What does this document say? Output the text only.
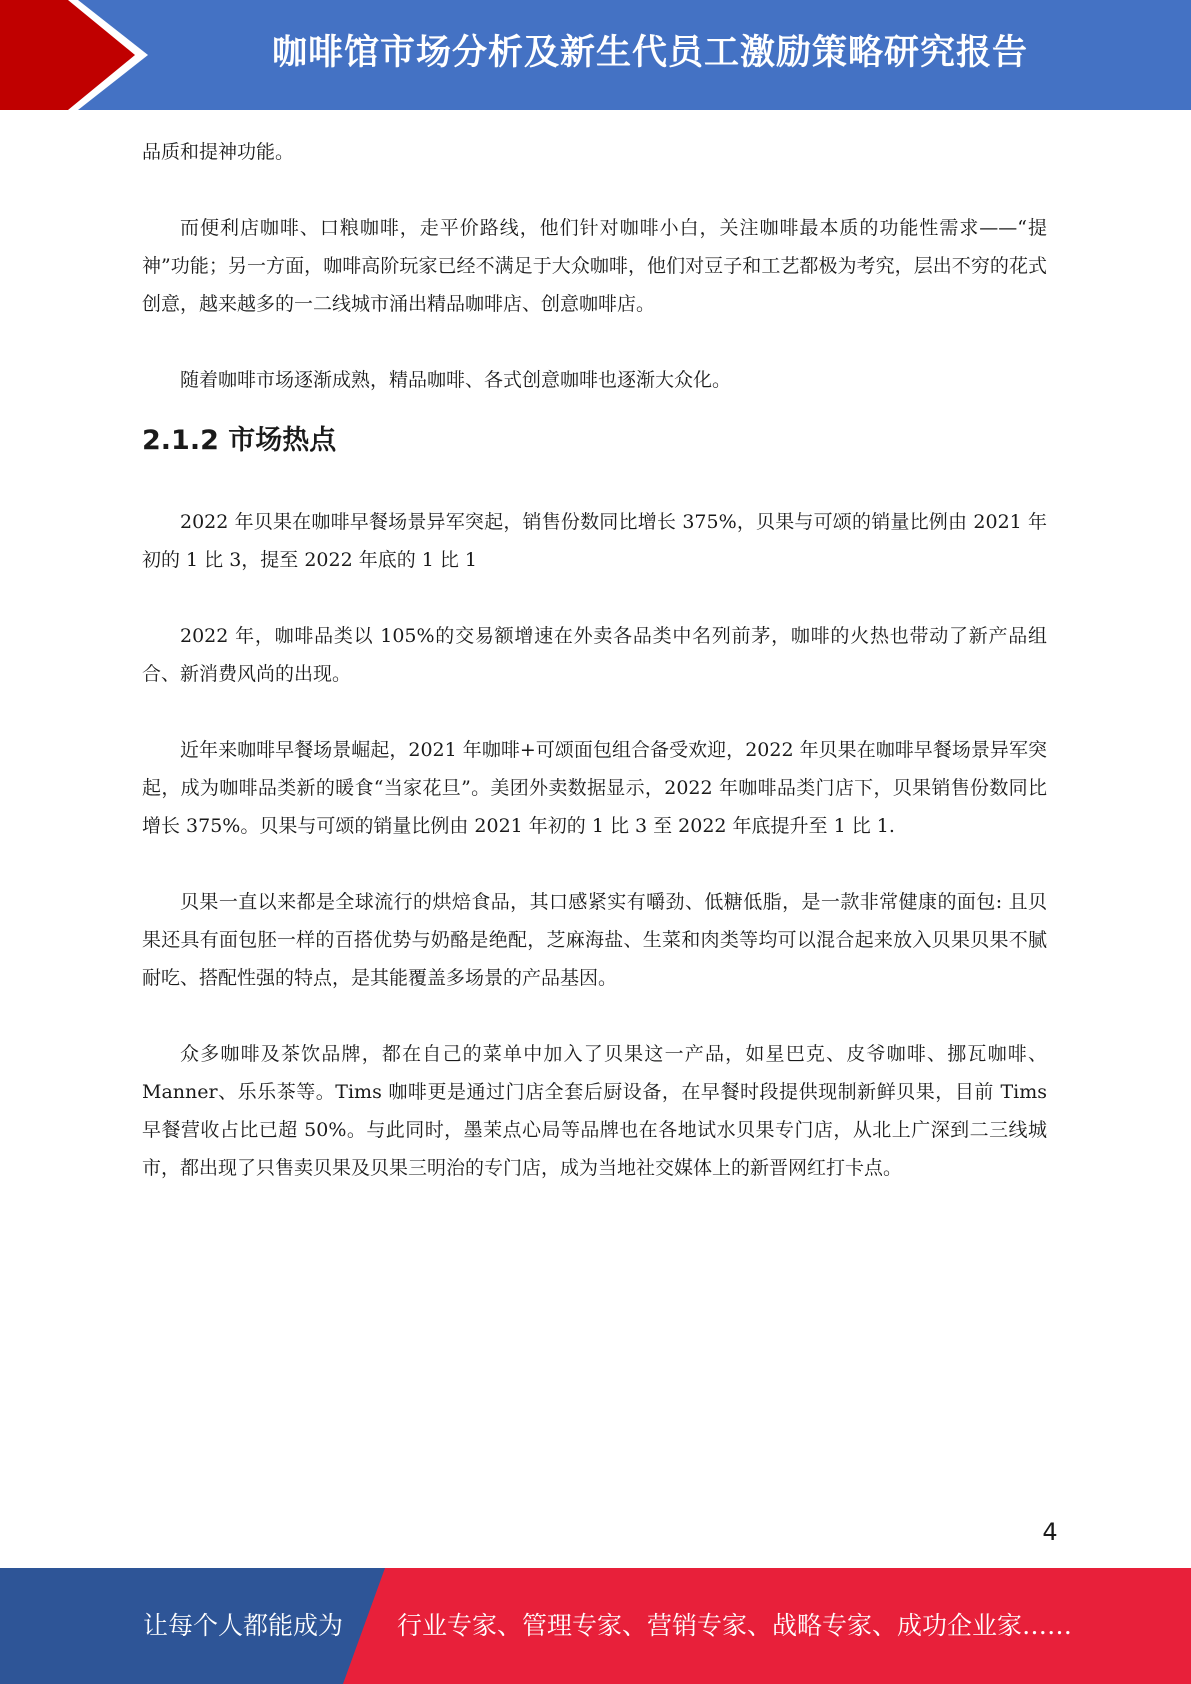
咖啡馆市场分析及新生代员工激励策略研究报告

品质和提神功能。

而便利店咖啡、口粮咖啡，走平价路线，他们针对咖啡小白，关注咖啡最本质的功能性需求——“提神”功能；另一方面，咖啡高阶玩家已经不满足于大众咖啡，他们对豆子和工艺都极为考究，层出不穷的花式创意，越来越多的一二线城市涌出精品咖啡店、创意咖啡店。

随着咖啡市场逐渐成熟，精品咖啡、各式创意咖啡也逐渐大众化。

2.1.2 市场热点

2022 年贝果在咖啡早餐场景异军突起，销售份数同比增长 375%，贝果与可颂的销量比例由 2021 年初的 1 比 3，提至 2022 年底的 1 比 1

2022 年，咖啡品类以 105%的交易额增速在外卖各品类中名列前茅，咖啡的火热也带动了新产品组合、新消费风尚的出现。

近年来咖啡早餐场景崛起，2021 年咖啡+可颂面包组合备受欢迎，2022 年贝果在咖啡早餐场景异军突起，成为咖啡品类新的暖食“当家花旦”。美团外卖数据显示，2022 年咖啡品类门店下，贝果销售份数同比增长 375%。贝果与可颂的销量比例由 2021 年初的 1 比 3 至 2022 年底提升至 1 比 1.

贝果一直以来都是全球流行的烘焙食品，其口感紧实有嚼劲、低糖低脂，是一款非常健康的面包: 且贝果还具有面包胚一样的百搭优势与奶酪是绝配，芝麻海盐、生菜和肉类等均可以混合起来放入贝果贝果不腻耐吃、搭配性强的特点，是其能覆盖多场景的产品基因。

众多咖啡及茶饮品牌，都在自己的菜单中加入了贝果这一产品，如星巴克、皮爷咖啡、挪瓦咖啡、Manner、乐乐茶等。Tims 咖啡更是通过门店全套后厨设备，在早餐时段提供现制新鲜贝果，目前 Tims 早餐营收占比已超 50%。与此同时，墨茉点心局等品牌也在各地试水贝果专门店，从北上广深到二三线城市，都出现了只售卖贝果及贝果三明治的专门店，成为当地社交媒体上的新晋网红打卡点。

4
让每个人都能成为 行业专家、管理专家、营销专家、战略专家、成功企业家……
